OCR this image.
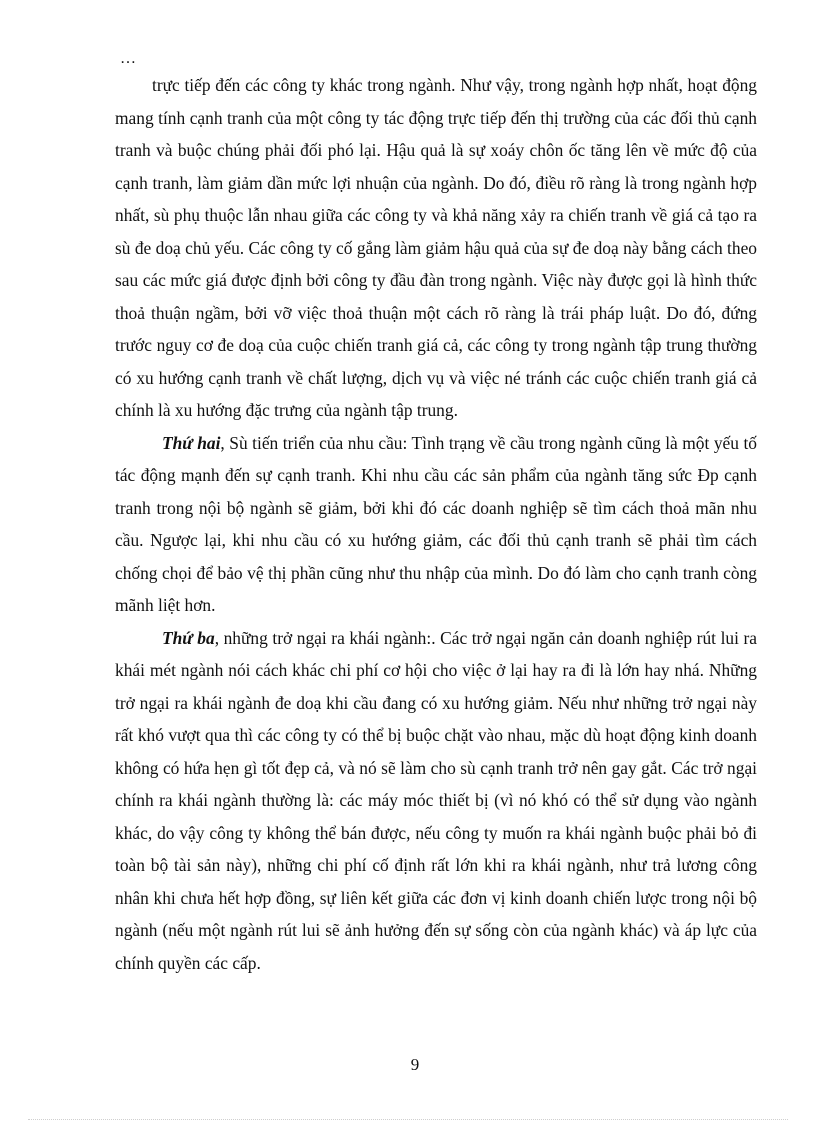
…

trực tiếp đến các công ty khác trong ngành. Như vậy, trong ngành hợp nhất, hoạt động mang tính cạnh tranh của một công ty tác động trực tiếp đến thị trường của các đối thủ cạnh tranh và buộc chúng phải đối phó lại. Hậu quả là sự xoáy chôn ốc tăng lên về mức độ của cạnh tranh, làm giảm dần mức lợi nhuận của ngành. Do đó, điều rõ ràng là trong ngành hợp nhất, sù phụ thuộc lẫn nhau giữa các công ty và khả năng xảy ra chiến tranh về giá cả tạo ra sù đe doạ chủ yếu. Các công ty cố gắng làm giảm hậu quả của sự đe doạ này bằng cách theo sau các mức giá được định bởi công ty đầu đàn trong ngành. Việc này được gọi là hình thức thoả thuận ngầm, bởi vỡ việc thoả thuận một cách rõ ràng là trái pháp luật. Do đó, đứng trước nguy cơ đe doạ của cuộc chiến tranh giá cả, các công ty trong ngành tập trung thường có xu hướng cạnh tranh về chất lượng, dịch vụ và việc né tránh các cuộc chiến tranh giá cả chính là xu hướng đặc trưng của ngành tập trung.

Thứ hai, Sù tiến triển của nhu cầu: Tình trạng về cầu trong ngành cũng là một yếu tố tác động mạnh đến sự cạnh tranh. Khi nhu cầu các sản phẩm của ngành tăng sức Đp cạnh tranh trong nội bộ ngành sẽ giảm, bởi khi đó các doanh nghiệp sẽ tìm cách thoả mãn nhu cầu. Ngược lại, khi nhu cầu có xu hướng giảm, các đối thủ cạnh tranh sẽ phải tìm cách chống chọi để bảo vệ thị phần cũng như thu nhập của mình. Do đó làm cho cạnh tranh còng mãnh liệt hơn.

Thứ ba, những trở ngại ra khái ngành:. Các trở ngại ngăn cản doanh nghiệp rút lui ra khái mét ngành nói cách khác chi phí cơ hội cho việc ở lại hay ra đi là lớn hay nhá. Những trở ngại ra khái ngành đe doạ khi cầu đang có xu hướng giảm. Nếu như những trở ngại này rất khó vượt qua thì các công ty có thể bị buộc chặt vào nhau, mặc dù hoạt động kinh doanh không có hứa hẹn gì tốt đẹp cả, và nó sẽ làm cho sù cạnh tranh trở nên gay gắt. Các trở ngại chính ra khái ngành thường là: các máy móc thiết bị (vì nó khó có thể sử dụng vào ngành khác, do vậy công ty không thể bán được, nếu công ty muốn ra khái ngành buộc phải bỏ đi toàn bộ tài sản này), những chi phí cố định rất lớn khi ra khái ngành, như trả lương công nhân khi chưa hết hợp đồng, sự liên kết giữa các đơn vị kinh doanh chiến lược trong nội bộ ngành (nếu một ngành rút lui sẽ ảnh hưởng đến sự sống còn của ngành khác) và áp lực của chính quyền các cấp.

9
